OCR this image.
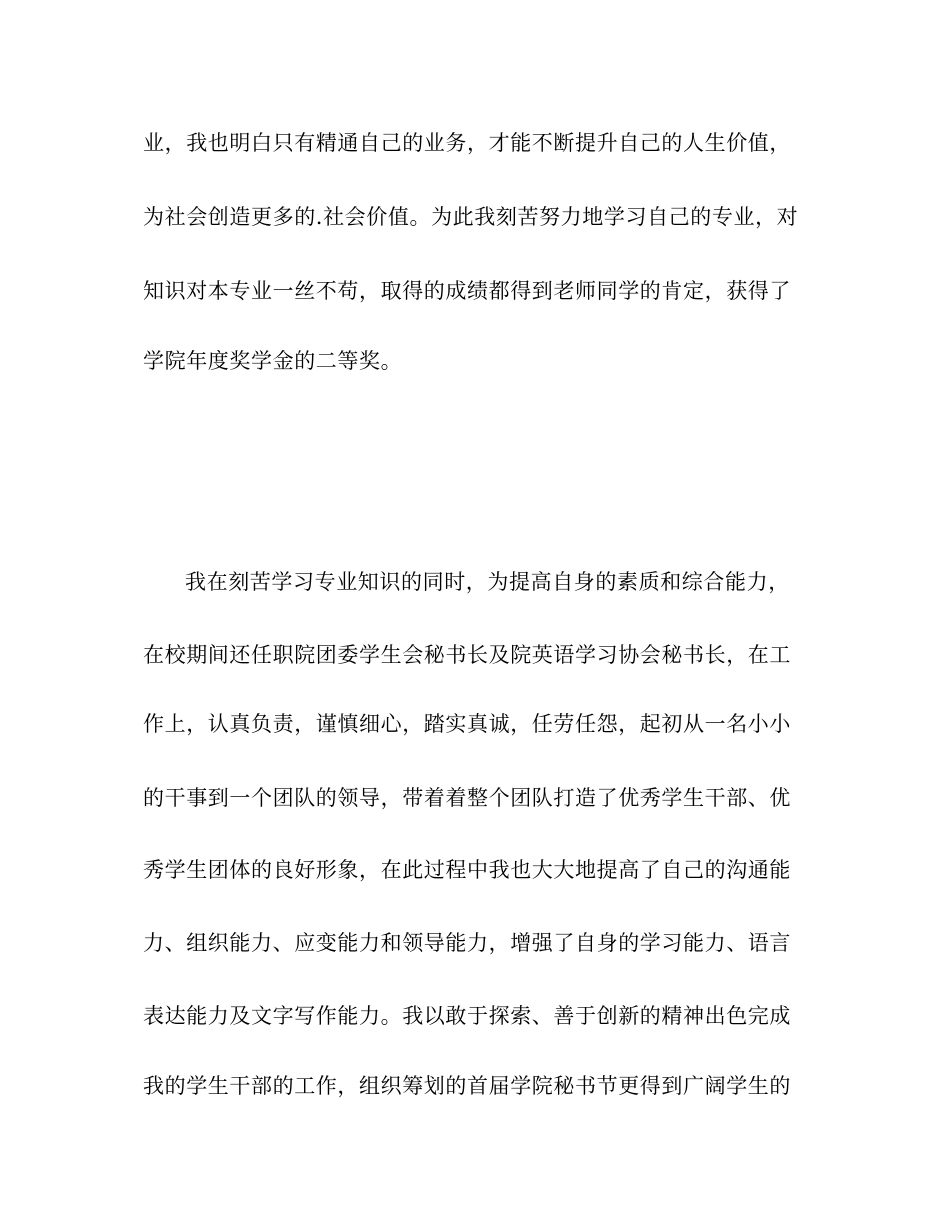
业，我也明白只有精通自己的业务，才能不断提升自己的人生价值，
为社会创造更多的.社会价值。为此我刻苦努力地学习自己的专业，对
知识对本专业一丝不苟，取得的成绩都得到老师同学的肯定，获得了
学院年度奖学金的二等奖。
我在刻苦学习专业知识的同时，为提高自身的素质和综合能力，
在校期间还任职院团委学生会秘书长及院英语学习协会秘书长，在工
作上，认真负责，谨慎细心，踏实真诚，任劳任怨，起初从一名小小
的干事到一个团队的领导，带着着整个团队打造了优秀学生干部、优
秀学生团体的良好形象，在此过程中我也大大地提高了自己的沟通能
力、组织能力、应变能力和领导能力，增强了自身的学习能力、语言
表达能力及文字写作能力。我以敢于探索、善于创新的精神出色完成
我的学生干部的工作，组织筹划的首届学院秘书节更得到广阔学生的
